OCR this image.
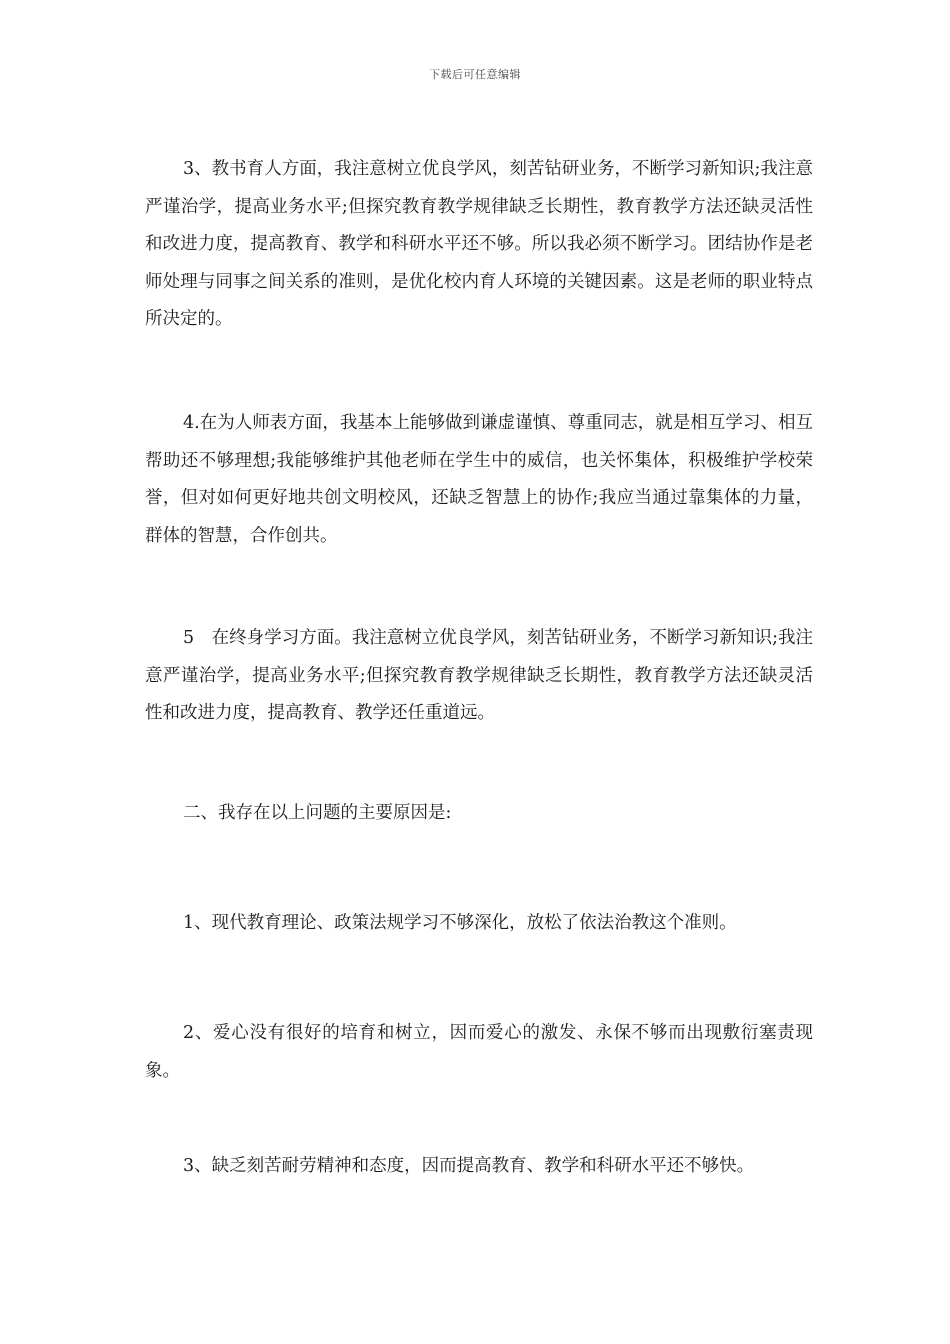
下载后可任意编辑

3、教书育人方面，我注意树立优良学风，刻苦钻研业务，不断学习新知识;我注意严谨治学，提高业务水平;但探究教育教学规律缺乏长期性，教育教学方法还缺灵活性和改进力度，提高教育、教学和科研水平还不够。所以我必须不断学习。团结协作是老师处理与同事之间关系的准则，是优化校内育人环境的关键因素。这是老师的职业特点所决定的。

4.在为人师表方面，我基本上能够做到谦虚谨慎、尊重同志，就是相互学习、相互帮助还不够理想;我能够维护其他老师在学生中的威信，也关怀集体，积极维护学校荣誉，但对如何更好地共创文明校风，还缺乏智慧上的协作;我应当通过靠集体的力量，群体的智慧，合作创共。

5　在终身学习方面。我注意树立优良学风，刻苦钻研业务，不断学习新知识;我注意严谨治学，提高业务水平;但探究教育教学规律缺乏长期性，教育教学方法还缺灵活性和改进力度，提高教育、教学还任重道远。

二、我存在以上问题的主要原因是:

1、现代教育理论、政策法规学习不够深化，放松了依法治教这个准则。

2、爱心没有很好的培育和树立，因而爱心的激发、永保不够而出现敷衍塞责现象。

3、缺乏刻苦耐劳精神和态度，因而提高教育、教学和科研水平还不够快。
